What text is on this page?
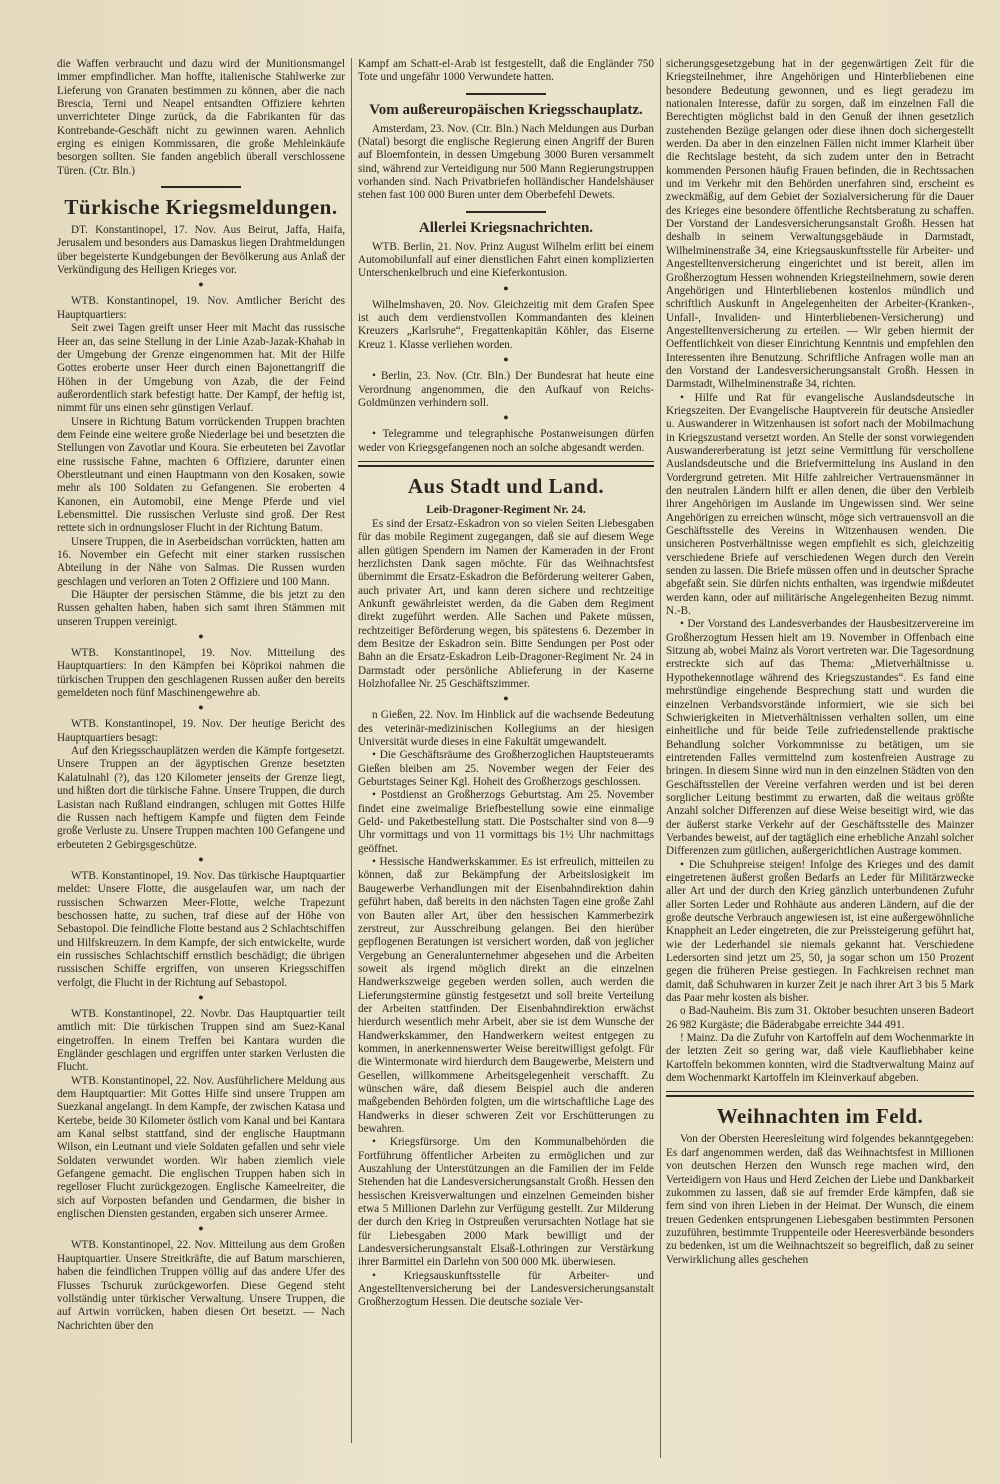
die Waffen verbraucht und dazu wird der Munitionsmangel immer empfindlicher. Man hoffte, italienische Stahlwerke zur Lieferung von Granaten bestimmen zu können, aber die nach Brescia, Terni und Neapel entsandten Offiziere kehrten unverrichteter Dinge zurück, da die Fabrikanten für das Kontrebande-Geschäft nicht zu gewinnen waren. Aehnlich erging es einigen Kommissaren, die große Mehleinkäufe besorgen sollten. Sie fanden angeblich überall verschlossene Türen. (Ctr. Bln.)

Türkische Kriegsmeldungen.

DT. Konstantinopel, 17. Nov. Aus Beirut, Jaffa, Haifa, Jerusalem und besonders aus Damaskus liegen Drahtmeldungen über begeisterte Kundgebungen der Bevölkerung aus Anlaß der Verkündigung des Heiligen Krieges vor.

●

WTB. Konstantinopel, 19. Nov. Amtlicher Bericht des Hauptquartiers:

Seit zwei Tagen greift unser Heer mit Macht das russische Heer an, das seine Stellung in der Linie Azab-Jazak-Khahab in der Umgebung der Grenze eingenommen hat. Mit der Hilfe Gottes eroberte unser Heer durch einen Bajonettangriff die Höhen in der Umgebung von Azab, die der Feind außerordentlich stark befestigt hatte. Der Kampf, der heftig ist, nimmt für uns einen sehr günstigen Verlauf.

Unsere in Richtung Batum vorrückenden Truppen brachten dem Feinde eine weitere große Niederlage bei und besetzten die Stellungen von Zavotlar und Koura. Sie erbeuteten bei Zavotlar eine russische Fahne, machten 6 Offiziere, darunter einen Oberstleutnant und einen Hauptmann von den Kosaken, sowie mehr als 100 Soldaten zu Gefangenen. Sie eroberten 4 Kanonen, ein Automobil, eine Menge Pferde und viel Lebensmittel. Die russischen Verluste sind groß. Der Rest rettete sich in ordnungsloser Flucht in der Richtung Batum.

Unsere Truppen, die in Aserbeidschan vorrückten, hatten am 16. November ein Gefecht mit einer starken russischen Abteilung in der Nähe von Salmas. Die Russen wurden geschlagen und verloren an Toten 2 Offiziere und 100 Mann.

Die Häupter der persischen Stämme, die bis jetzt zu den Russen gehalten haben, haben sich samt ihren Stämmen mit unseren Truppen vereinigt.

●

WTB. Konstantinopel, 19. Nov. Mitteilung des Hauptquartiers: In den Kämpfen bei Köprikoi nahmen die türkischen Truppen den geschlagenen Russen außer den bereits gemeldeten noch fünf Maschinengewehre ab.

●

WTB. Konstantinopel, 19. Nov. Der heutige Bericht des Hauptquartiers besagt:

Auf den Kriegsschauplätzen werden die Kämpfe fortgesetzt. Unsere Truppen an der ägyptischen Grenze besetzten Kalatulnahl (?), das 120 Kilometer jenseits der Grenze liegt, und hißten dort die türkische Fahne. Unsere Truppen, die durch Lasistan nach Rußland eindrangen, schlugen mit Gottes Hilfe die Russen nach heftigem Kampfe und fügten dem Feinde große Verluste zu. Unsere Truppen machten 100 Gefangene und erbeuteten 2 Gebirgsgeschütze.

●

WTB. Konstantinopel, 19. Nov. Das türkische Hauptquartier meldet: Unsere Flotte, die ausgelaufen war, um nach der russischen Schwarzen Meer-Flotte, welche Trapezunt beschossen hatte, zu suchen, traf diese auf der Höhe von Sebastopol. Die feindliche Flotte bestand aus 2 Schlachtschiffen und Hilfskreuzern. In dem Kampfe, der sich entwickelte, wurde ein russisches Schlachtschiff ernstlich beschädigt; die übrigen russischen Schiffe ergriffen, von unseren Kriegsschiffen verfolgt, die Flucht in der Richtung auf Sebastopol.

●

WTB. Konstantinopel, 22. Novbr. Das Hauptquartier teilt amtlich mit: Die türkischen Truppen sind am Suez-Kanal eingetroffen. In einem Treffen bei Kantara wurden die Engländer geschlagen und ergriffen unter starken Verlusten die Flucht.

WTB. Konstantinopel, 22. Nov. Ausführlichere Meldung aus dem Hauptquartier: Mit Gottes Hilfe sind unsere Truppen am Suezkanal angelangt. In dem Kampfe, der zwischen Katasa und Kertebe, beide 30 Kilometer östlich vom Kanal und bei Kantara am Kanal selbst stattfand, sind der englische Hauptmann Wilson, ein Leutnant und viele Soldaten gefallen und sehr viele Soldaten verwundet worden. Wir haben ziemlich viele Gefangene gemacht. Die englischen Truppen haben sich in regelloser Flucht zurückgezogen. Englische Kameelreiter, die sich auf Vorposten befanden und Gendarmen, die bisher in englischen Diensten gestanden, ergaben sich unserer Armee.

●

WTB. Konstantinopel, 22. Nov. Mitteilung aus dem Großen Hauptquartier. Unsere Streitkräfte, die auf Batum marschieren, haben die feindlichen Truppen völlig auf das andere Ufer des Flusses Tschuruk zurückgeworfen. Diese Gegend steht vollständig unter türkischer Verwaltung. Unsere Truppen, die auf Artwin vorrücken, haben diesen Ort besetzt. — Nach Nachrichten über den

Kampf am Schatt-el-Arab ist festgestellt, daß die Engländer 750 Tote und ungefähr 1000 Verwundete hatten.

Vom außereuropäischen Kriegsschauplatz.

Amsterdam, 23. Nov. (Ctr. Bln.) Nach Meldungen aus Durban (Natal) besorgt die englische Regierung einen Angriff der Buren auf Bloemfontein, in dessen Umgebung 3000 Buren versammelt sind, während zur Verteidigung nur 500 Mann Regierungstruppen vorhanden sind. Nach Privatbriefen holländischer Handelshäuser stehen fast 100 000 Buren unter dem Oberbefehl Dewets.

Allerlei Kriegsnachrichten.

WTB. Berlin, 21. Nov. Prinz August Wilhelm erlitt bei einem Automobilunfall auf einer dienstlichen Fahrt einen komplizierten Unterschenkelbruch und eine Kieferkontusion.

●

Wilhelmshaven, 20. Nov. Gleichzeitig mit dem Grafen Spee ist auch dem verdienstvollen Kommandanten des kleinen Kreuzers „Karlsruhe“, Fregattenkapitän Köhler, das Eiserne Kreuz 1. Klasse verliehen worden.

●

• Berlin, 23. Nov. (Ctr. Bln.) Der Bundesrat hat heute eine Verordnung angenommen, die den Aufkauf von Reichs-Goldmünzen verhindern soll.

●

• Telegramme und telegraphische Postanweisungen dürfen weder von Kriegsgefangenen noch an solche abgesandt werden.

Aus Stadt und Land.
Leib-Dragoner-Regiment Nr. 24.

Es sind der Ersatz-Eskadron von so vielen Seiten Liebesgaben für das mobile Regiment zugegangen, daß sie auf diesem Wege allen gütigen Spendern im Namen der Kameraden in der Front herzlichsten Dank sagen möchte. Für das Weihnachtsfest übernimmt die Ersatz-Eskadron die Beförderung weiterer Gaben, auch privater Art, und kann deren sichere und rechtzeitige Ankunft gewährleistet werden, da die Gaben dem Regiment direkt zugeführt werden. Alle Sachen und Pakete müssen, rechtzeitiger Beförderung wegen, bis spätestens 6. Dezember in dem Besitze der Eskadron sein. Bitte Sendungen per Post oder Bahn an die Ersatz-Eskadron Leib-Dragoner-Regiment Nr. 24 in Darmstadt oder persönliche Ablieferung in der Kaserne Holzhofallee Nr. 25 Geschäftszimmer.

●

n Gießen, 22. Nov. Im Hinblick auf die wachsende Bedeutung des veterinär-medizinischen Kollegiums an der hiesigen Universität wurde dieses in eine Fakultät umgewandelt.

• Die Geschäftsräume des Großherzoglichen Hauptsteueramts Gießen bleiben am 25. November wegen der Feier des Geburtstages Seiner Kgl. Hoheit des Großherzogs geschlossen.

• Postdienst an Großherzogs Geburtstag. Am 25. November findet eine zweimalige Briefbestellung sowie eine einmalige Geld- und Paketbestellung statt. Die Postschalter sind von 8—9 Uhr vormittags und von 11 vormittags bis 1½ Uhr nachmittags geöffnet.

• Hessische Handwerkskammer. Es ist erfreulich, mitteilen zu können, daß zur Bekämpfung der Arbeitslosigkeit im Baugewerbe Verhandlungen mit der Eisenbahndirektion dahin geführt haben, daß bereits in den nächsten Tagen eine große Zahl von Bauten aller Art, über den hessischen Kammerbezirk zerstreut, zur Ausschreibung gelangen. Bei den hierüber gepflogenen Beratungen ist versichert worden, daß von jeglicher Vergebung an Generalunternehmer abgesehen und die Arbeiten soweit als irgend möglich direkt an die einzelnen Handwerkszweige gegeben werden sollen, auch werden die Lieferungstermine günstig festgesetzt und soll breite Verteilung der Arbeiten stattfinden. Der Eisenbahndirektion erwächst hierdurch wesentlich mehr Arbeit, aber sie ist dem Wunsche der Handwerkskammer, den Handwerkern weitest entgegen zu kommen, in anerkennenswerter Weise bereitwilligst gefolgt. Für die Wintermonate wird hierdurch dem Baugewerbe, Meistern und Gesellen, willkommene Arbeitsgelegenheit verschafft. Zu wünschen wäre, daß diesem Beispiel auch die anderen maßgebenden Behörden folgten, um die wirtschaftliche Lage des Handwerks in dieser schweren Zeit vor Erschütterungen zu bewahren.

• Kriegsfürsorge. Um den Kommunalbehörden die Fortführung öffentlicher Arbeiten zu ermöglichen und zur Auszahlung der Unterstützungen an die Familien der im Felde Stehenden hat die Landesversicherungsanstalt Großh. Hessen den hessischen Kreisverwaltungen und einzelnen Gemeinden bisher etwa 5 Millionen Darlehn zur Verfügung gestellt. Zur Milderung der durch den Krieg in Ostpreußen verursachten Notlage hat sie für Liebesgaben 2000 Mark bewilligt und der Landesversicherungsanstalt Elsaß-Lothringen zur Verstärkung ihrer Barmittel ein Darlehn von 500 000 Mk. überwiesen.

• Kriegsauskunftsstelle für Arbeiter- und Angestelltenversicherung bei der Landesversicherungsanstalt Großherzogtum Hessen. Die deutsche soziale Ver-

sicherungsgesetzgebung hat in der gegenwärtigen Zeit für die Kriegsteilnehmer, ihre Angehörigen und Hinterbliebenen eine besondere Bedeutung gewonnen, und es liegt geradezu im nationalen Interesse, dafür zu sorgen, daß im einzelnen Fall die Berechtigten möglichst bald in den Genuß der ihnen gesetzlich zustehenden Bezüge gelangen oder diese ihnen doch sichergestellt werden. Da aber in den einzelnen Fällen nicht immer Klarheit über die Rechtslage besteht, da sich zudem unter den in Betracht kommenden Personen häufig Frauen befinden, die in Rechtssachen und im Verkehr mit den Behörden unerfahren sind, erscheint es zweckmäßig, auf dem Gebiet der Sozialversicherung für die Dauer des Krieges eine besondere öffentliche Rechtsberatung zu schaffen. Der Vorstand der Landesversicherungsanstalt Großh. Hessen hat deshalb in seinem Verwaltungsgebäude in Darmstadt, Wilhelminenstraße 34, eine Kriegsauskunftsstelle für Arbeiter- und Angestelltenversicherung eingerichtet und ist bereit, allen im Großherzogtum Hessen wohnenden Kriegsteilnehmern, sowie deren Angehörigen und Hinterbliebenen kostenlos mündlich und schriftlich Auskunft in Angelegenheiten der Arbeiter-(Kranken-, Unfall-, Invaliden- und Hinterbliebenen-Versicherung) und Angestelltenversicherung zu erteilen. — Wir geben hiermit der Oeffentlichkeit von dieser Einrichtung Kenntnis und empfehlen den Interessenten ihre Benutzung. Schriftliche Anfragen wolle man an den Vorstand der Landesversicherungsanstalt Großh. Hessen in Darmstadt, Wilhelminenstraße 34, richten.

• Hilfe und Rat für evangelische Auslandsdeutsche in Kriegszeiten. Der Evangelische Hauptverein für deutsche Ansiedler u. Auswanderer in Witzenhausen ist sofort nach der Mobilmachung in Kriegszustand versetzt worden. An Stelle der sonst vorwiegenden Auswandererberatung ist jetzt seine Vermittlung für verschollene Auslandsdeutsche und die Briefvermittelung ins Ausland in den Vordergrund getreten. Mit Hilfe zahlreicher Vertrauensmänner in den neutralen Ländern hilft er allen denen, die über den Verbleib ihrer Angehörigen im Auslande im Ungewissen sind. Wer seine Angehörigen zu erreichen wünscht, möge sich vertrauensvoll an die Geschäftsstelle des Vereins in Witzenhausen wenden. Die unsicheren Postverhältnisse wegen empfiehlt es sich, gleichzeitig verschiedene Briefe auf verschiedenen Wegen durch den Verein senden zu lassen. Die Briefe müssen offen und in deutscher Sprache abgefaßt sein. Sie dürfen nichts enthalten, was irgendwie mißdeutet werden kann, oder auf militärische Angelegenheiten Bezug nimmt. N.-B.

• Der Vorstand des Landesverbandes der Hausbesitzervereine im Großherzogtum Hessen hielt am 19. November in Offenbach eine Sitzung ab, wobei Mainz als Vorort vertreten war. Die Tagesordnung erstreckte sich auf das Thema: „Mietverhältnisse u. Hypothekennotlage während des Kriegszustandes“. Es fand eine mehrstündige eingehende Besprechung statt und wurden die einzelnen Verbandsvorstände informiert, wie sie sich bei Schwierigkeiten in Mietverhältnissen verhalten sollen, um eine einheitliche und für beide Teile zufriedenstellende praktische Behandlung solcher Vorkommnisse zu betätigen, um sie eintretenden Falles vermittelnd zum kostenfreien Austrage zu bringen. In diesem Sinne wird nun in den einzelnen Städten von den Geschäftsstellen der Vereine verfahren werden und ist bei deren sorglicher Leitung bestimmt zu erwarten, daß die weitaus größte Anzahl solcher Differenzen auf diese Weise beseitigt wird, wie das der äußerst starke Verkehr auf der Geschäftsstelle des Mainzer Verbandes beweist, auf der tagtäglich eine erhebliche Anzahl solcher Differenzen zum gütlichen, außergerichtlichen Austrage kommen.

• Die Schuhpreise steigen! Infolge des Krieges und des damit eingetretenen äußerst großen Bedarfs an Leder für Militärzwecke aller Art und der durch den Krieg gänzlich unterbundenen Zufuhr aller Sorten Leder und Rohhäute aus anderen Ländern, auf die der große deutsche Verbrauch angewiesen ist, ist eine außergewöhnliche Knappheit an Leder eingetreten, die zur Preissteigerung geführt hat, wie der Lederhandel sie niemals gekannt hat. Verschiedene Ledersorten sind jetzt um 25, 50, ja sogar schon um 150 Prozent gegen die früheren Preise gestiegen. In Fachkreisen rechnet man damit, daß Schuhwaren in kurzer Zeit je nach ihrer Art 3 bis 5 Mark das Paar mehr kosten als bisher.

o Bad-Nauheim. Bis zum 31. Oktober besuchten unseren Badeort 26 982 Kurgäste; die Bäderabgabe erreichte 344 491.

! Mainz. Da die Zufuhr von Kartoffeln auf dem Wochenmarkte in der letzten Zeit so gering war, daß viele Kaufliebhaber keine Kartoffeln bekommen konnten, wird die Stadtverwaltung Mainz auf dem Wochenmarkt Kartoffeln im Kleinverkauf abgeben.

Weihnachten im Feld.

Von der Obersten Heeresleitung wird folgendes bekanntgegeben: Es darf angenommen werden, daß das Weihnachtsfest in Millionen von deutschen Herzen den Wunsch rege machen wird, den Verteidigern von Haus und Herd Zeichen der Liebe und Dankbarkeit zukommen zu lassen, daß sie auf fremder Erde kämpfen, daß sie fern sind von ihren Lieben in der Heimat. Der Wunsch, die einem treuen Gedenken entsprungenen Liebesgaben bestimmten Personen zuzuführen, bestimmte Truppenteile oder Heeresverbände besonders zu bedenken, ist um die Weihnachtszeit so begreiflich, daß zu seiner Verwirklichung alles geschehen
